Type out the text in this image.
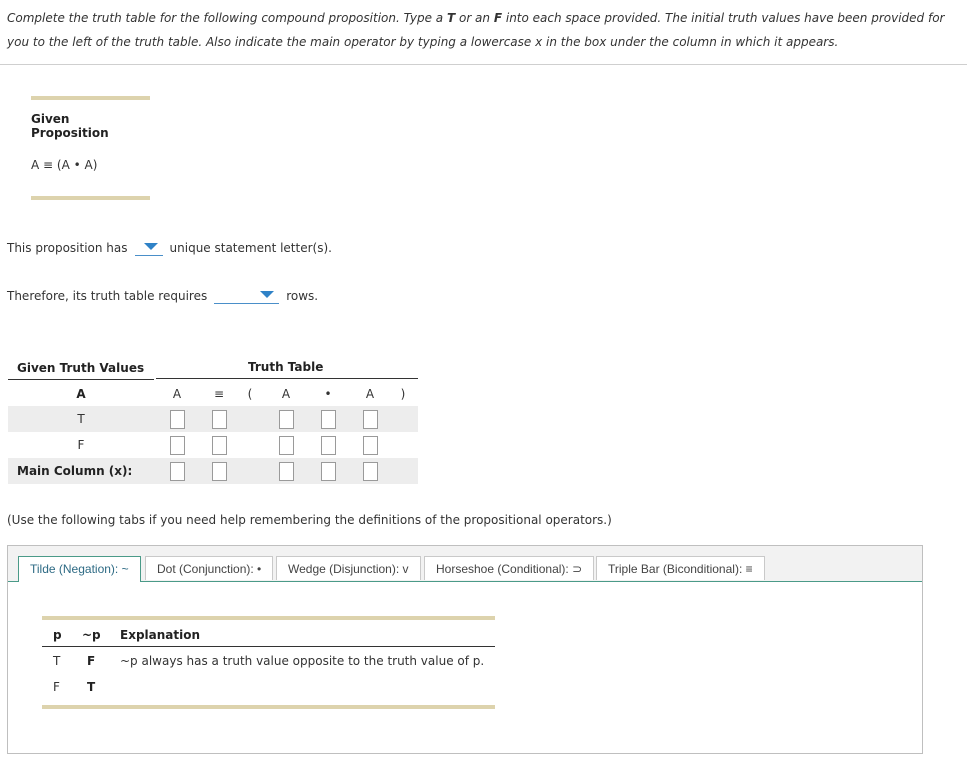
Complete the truth table for the following compound proposition. Type a T or an F into each space provided. The initial truth values have been provided for you to the left of the truth table. Also indicate the main operator by typing a lowercase x in the box under the column in which it appears.
Given Proposition
A ≡ (A • A)
This proposition has	unique statement letter(s).
Therefore, its truth table requires	rows.
Given Truth Values	Truth Table
A	A	≡ (	A	•	A	)
T
F
Main Column (x):
(Use the following tabs if you need help remembering the definitions of the propositional operators.)
Tilde (Negation): ~	Dot (Conjunction): •	Wedge (Disjunction): v	Horseshoe (Conditional): ⊃	Triple Bar (Biconditional): ≡
p ~p Explanation
T F ~p always has a truth value opposite to the truth value of p.
F T
